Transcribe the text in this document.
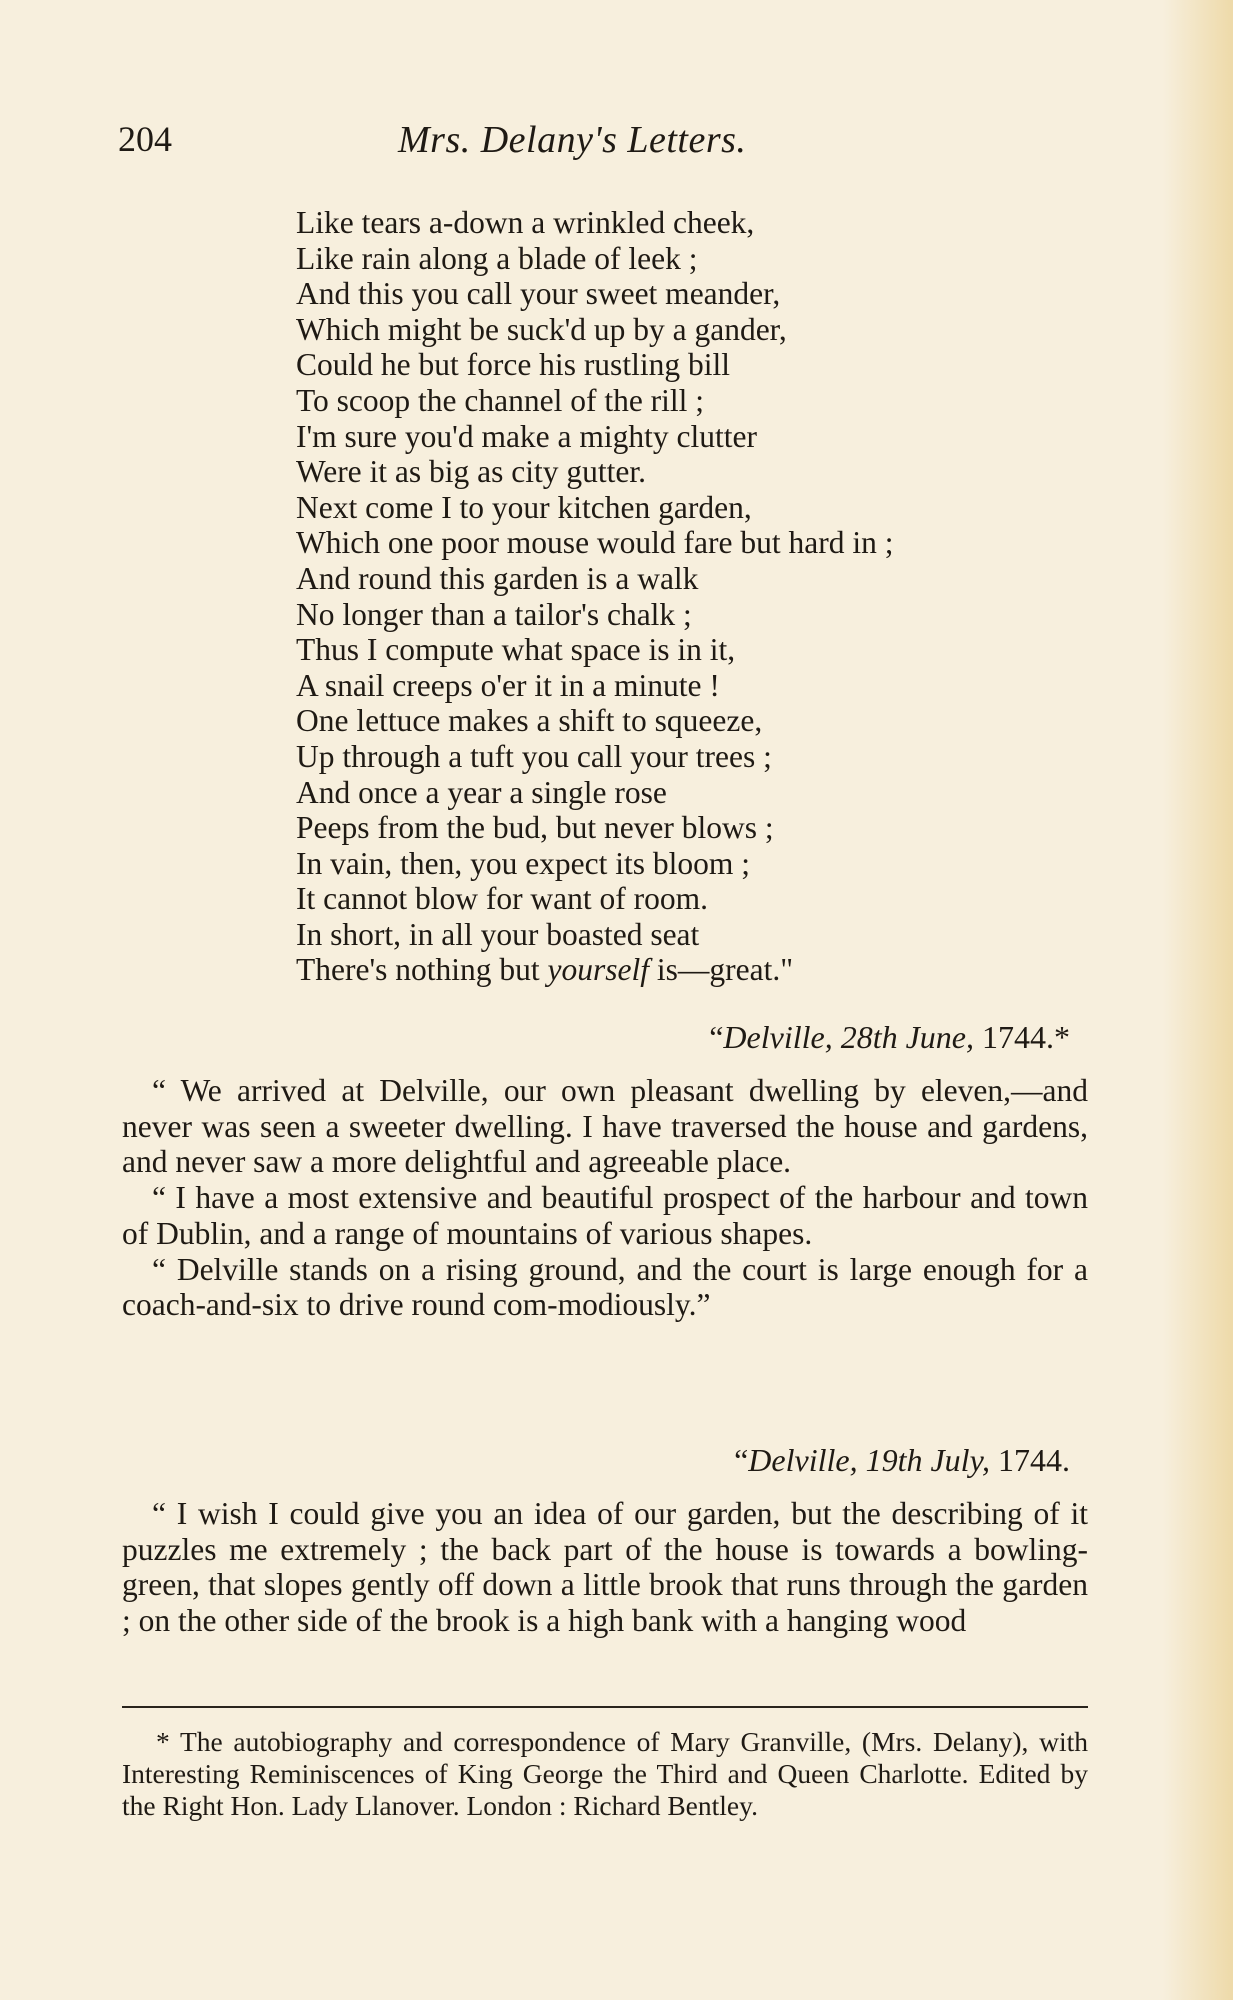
204	Mrs. Delany's Letters.
Like tears a-down a wrinkled cheek,
Like rain along a blade of leek ;
And this you call your sweet meander,
Which might be suck'd up by a gander,
Could he but force his rustling bill
To scoop the channel of the rill ;
I'm sure you'd make a mighty clutter
Were it as big as city gutter.
Next come I to your kitchen garden,
Which one poor mouse would fare but hard in ;
And round this garden is a walk
No longer than a tailor's chalk ;
Thus I compute what space is in it,
A snail creeps o'er it in a minute !
One lettuce makes a shift to squeeze,
Up through a tuft you call your trees ;
And once a year a single rose
Peeps from the bud, but never blows ;
In vain, then, you expect its bloom ;
It cannot blow for want of room.
In short, in all your boasted seat
There's nothing but yourself is—great."
“Delville, 28th June, 1744.*

“ We arrived at Delville, our own pleasant dwelling by eleven,—and never was seen a sweeter dwelling. I have traversed the house and gardens, and never saw a more delightful and agreeable place.

“ I have a most extensive and beautiful prospect of the harbour and town of Dublin, and a range of mountains of various shapes.

“ Delville stands on a rising ground, and the court is large enough for a coach-and-six to drive round com-modiously.”

“Delville, 19th July, 1744.

“ I wish I could give you an idea of our garden, but the describing of it puzzles me extremely ; the back part of the house is towards a bowling-green, that slopes gently off down a little brook that runs through the garden ; on the other side of the brook is a high bank with a hanging wood

* The autobiography and correspondence of Mary Granville, (Mrs. Delany), with Interesting Reminiscences of King George the Third and Queen Charlotte. Edited by the Right Hon. Lady Llanover. London : Richard Bentley.
